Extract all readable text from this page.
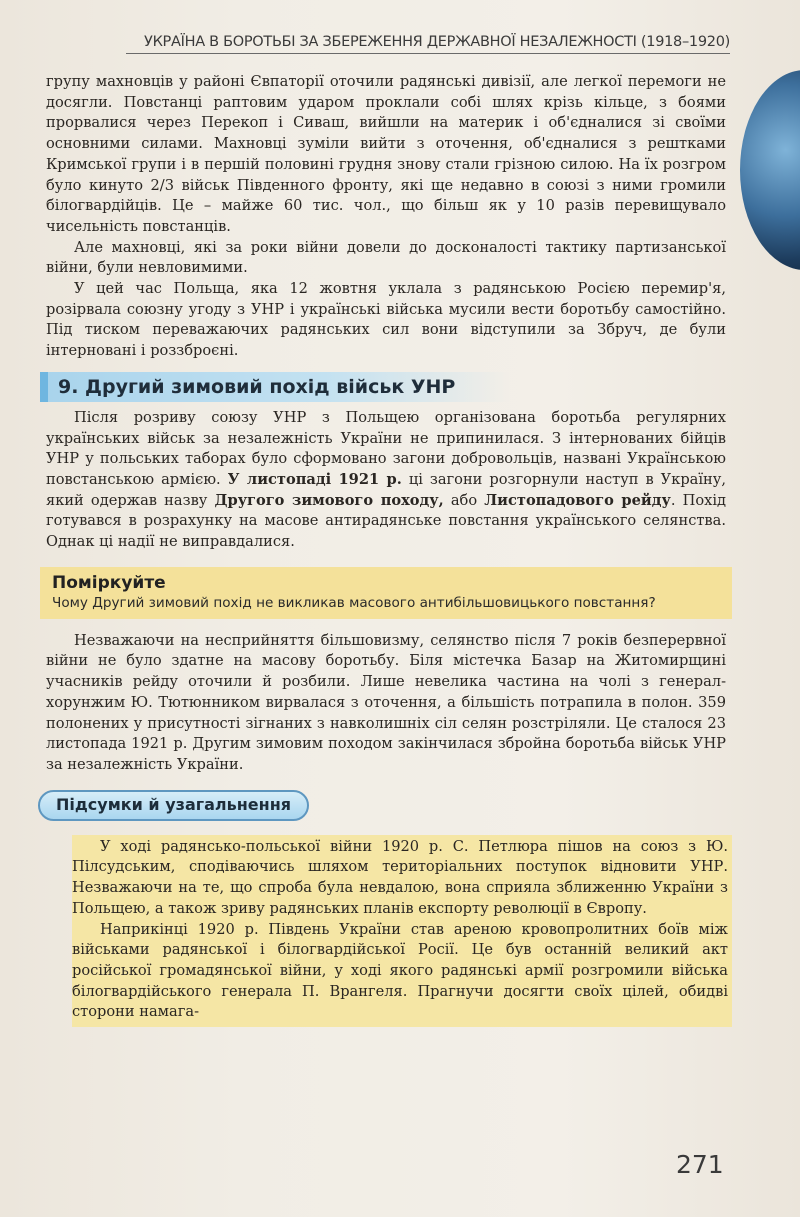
УКРАЇНА В БОРОТЬБІ ЗА ЗБЕРЕЖЕННЯ ДЕРЖАВНОЇ НЕЗАЛЕЖНОСТІ (1918–1920)

групу махновців у районі Євпаторії оточили радянські дивізії, але легкої перемоги не досягли. Повстанці раптовим ударом проклали собі шлях крізь кільце, з боями прорвалися через Перекоп і Сиваш, вийшли на материк і об'єдналися зі своїми основними силами. Махновці зуміли вийти з оточення, об'єдналися з рештками Кримської групи і в першій половині грудня знову стали грізною силою. На їх розгром було кинуто 2/3 військ Південного фронту, які ще недавно в союзі з ними громили білогвардійців. Це – майже 60 тис. чол., що більш як у 10 разів перевищувало чисельність повстанців.

Але махновці, які за роки війни довели до досконалості тактику партизанської війни, були невловимими.

У цей час Польща, яка 12 жовтня уклала з радянською Росією перемир'я, розірвала союзну угоду з УНР і українські війська мусили вести боротьбу самостійно. Під тиском переважаючих радянських сил вони відступили за Збруч, де були інтерновані і роззброєні.

9. Другий зимовий похід військ УНР

Після розриву союзу УНР з Польщею організована боротьба регулярних українських військ за незалежність України не припинилася. З інтернованих бійців УНР у польських таборах було сформовано загони добровольців, названі Українською повстанською армією. У листопаді 1921 р. ці загони розгорнули наступ в Україну, який одержав назву Другого зимового походу, або Листопадового рейду. Похід готувався в розрахунку на масове антирадянське повстання українського селянства. Однак ці надії не виправдалися.

Поміркуйте
Чому Другий зимовий похід не викликав масового антибільшовицького повстання?

Незважаючи на несприйняття більшовизму, селянство після 7 років безперервної війни не було здатне на масову боротьбу. Біля містечка Базар на Житомирщині учасників рейду оточили й розбили. Лише невелика частина на чолі з генерал-хорунжим Ю. Тютюнником вирвалася з оточення, а більшість потрапила в полон. 359 полонених у присутності зігнаних з навколишніх сіл селян розстріляли. Це сталося 23 листопада 1921 р. Другим зимовим походом закінчилася збройна боротьба військ УНР за незалежність України.

Підсумки й узагальнення

У ході радянсько-польської війни 1920 р. С. Петлюра пішов на союз з Ю. Пілсудським, сподіваючись шляхом територіальних поступок відновити УНР. Незважаючи на те, що спроба була невдалою, вона сприяла зближенню України з Польщею, а також зриву радянських планів експорту революції в Європу.

Наприкінці 1920 р. Південь України став ареною кровопролитних боїв між військами радянської і білогвардійської Росії. Це був останній великий акт російської громадянської війни, у ході якого радянські армії розгромили війська білогвардійського генерала П. Врангеля. Прагнучи досягти своїх цілей, обидві сторони намага-

271
